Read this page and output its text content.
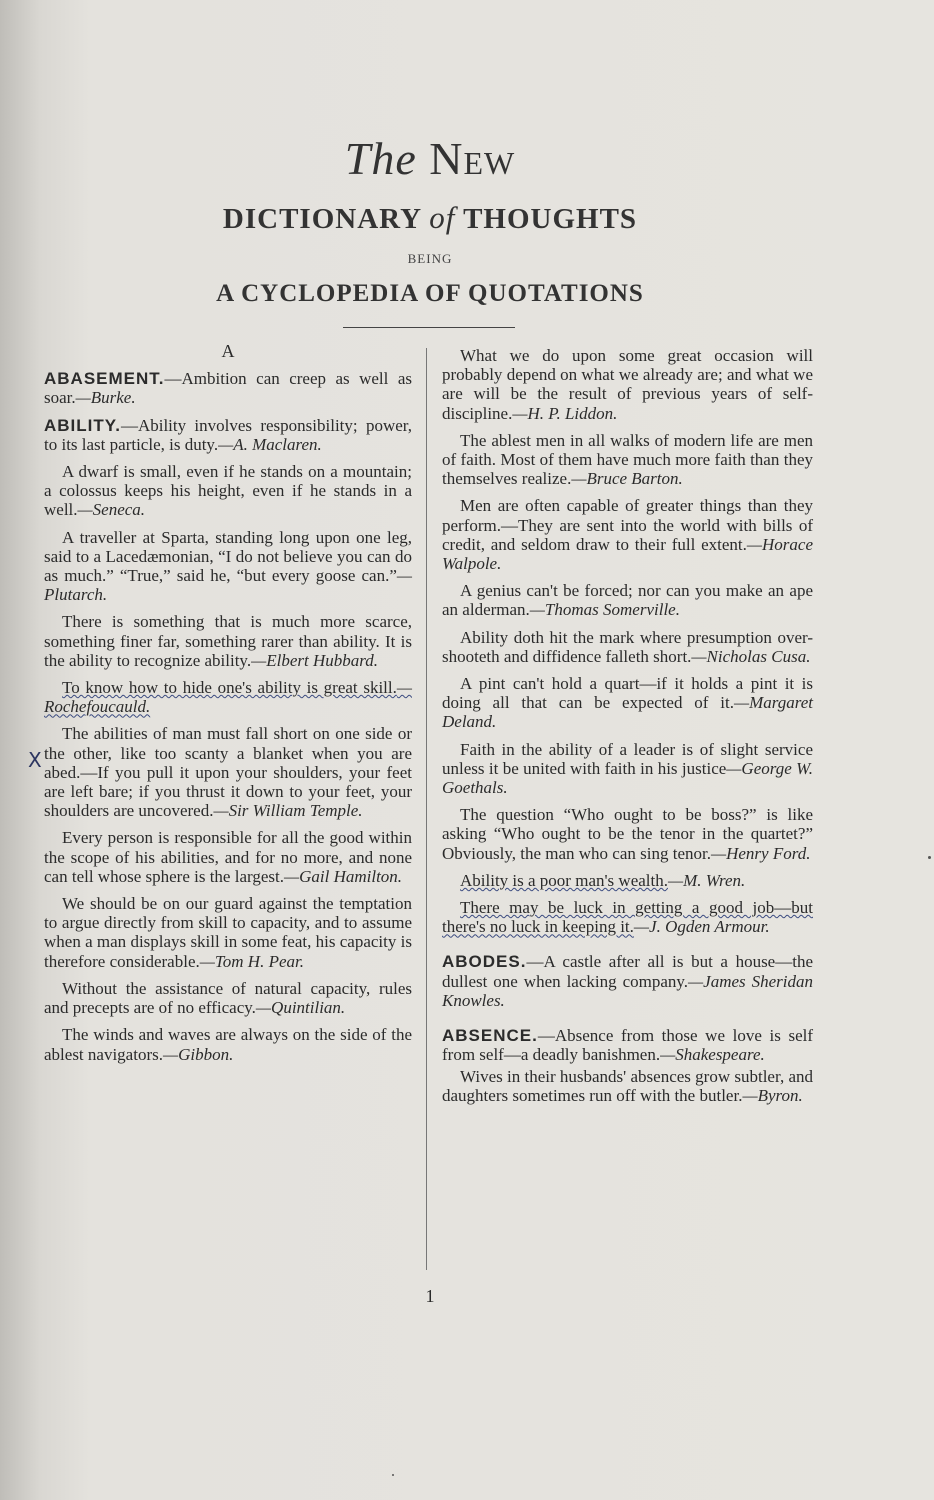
The New
DICTIONARY of THOUGHTS
BEING
A CYCLOPEDIA OF QUOTATIONS
X
A

ABASEMENT.—Ambition can creep as well as soar.—Burke.

ABILITY.—Ability involves responsibility; power, to its last particle, is duty.—A. Maclaren.

A dwarf is small, even if he stands on a mountain; a colossus keeps his height, even if he stands in a well.—Seneca.

A traveller at Sparta, standing long upon one leg, said to a Lacedæmonian, “I do not believe you can do as much.” “True,” said he, “but every goose can.”—Plutarch.

There is something that is much more scarce, something finer far, something rarer than ability. It is the ability to recognize ability.—Elbert Hubbard.

To know how to hide one's ability is great skill.—Rochefoucauld.

The abilities of man must fall short on one side or the other, like too scanty a blanket when you are abed.—If you pull it upon your shoulders, your feet are left bare; if you thrust it down to your feet, your shoulders are uncovered.—Sir William Temple.

Every person is responsible for all the good within the scope of his abilities, and for no more, and none can tell whose sphere is the largest.—Gail Hamilton.

We should be on our guard against the temptation to argue directly from skill to capacity, and to assume when a man displays skill in some feat, his capacity is therefore considerable.—Tom H. Pear.

Without the assistance of natural capacity, rules and precepts are of no efficacy.—Quintilian.

The winds and waves are always on the side of the ablest navigators.—Gibbon.

What we do upon some great occasion will probably depend on what we already are; and what we are will be the result of previous years of self-discipline.—H. P. Liddon.

The ablest men in all walks of modern life are men of faith. Most of them have much more faith than they themselves realize.—Bruce Barton.

Men are often capable of greater things than they perform.—They are sent into the world with bills of credit, and seldom draw to their full extent.—Horace Walpole.

A genius can't be forced; nor can you make an ape an alderman.—Thomas Somerville.

Ability doth hit the mark where presumption over-shooteth and diffidence falleth short.—Nicholas Cusa.

A pint can't hold a quart—if it holds a pint it is doing all that can be expected of it.—Margaret Deland.

Faith in the ability of a leader is of slight service unless it be united with faith in his justice—George W. Goethals.

The question “Who ought to be boss?” is like asking “Who ought to be the tenor in the quartet?” Obviously, the man who can sing tenor.—Henry Ford.

Ability is a poor man's wealth.—M. Wren.

There may be luck in getting a good job—but there's no luck in keeping it.—J. Ogden Armour.

ABODES.—A castle after all is but a house—the dullest one when lacking company.—James Sheridan Knowles.

ABSENCE.—Absence from those we love is self from self—a deadly banishmen.—Shakespeare.

Wives in their husbands' absences grow subtler, and daughters sometimes run off with the butler.—Byron.

1
